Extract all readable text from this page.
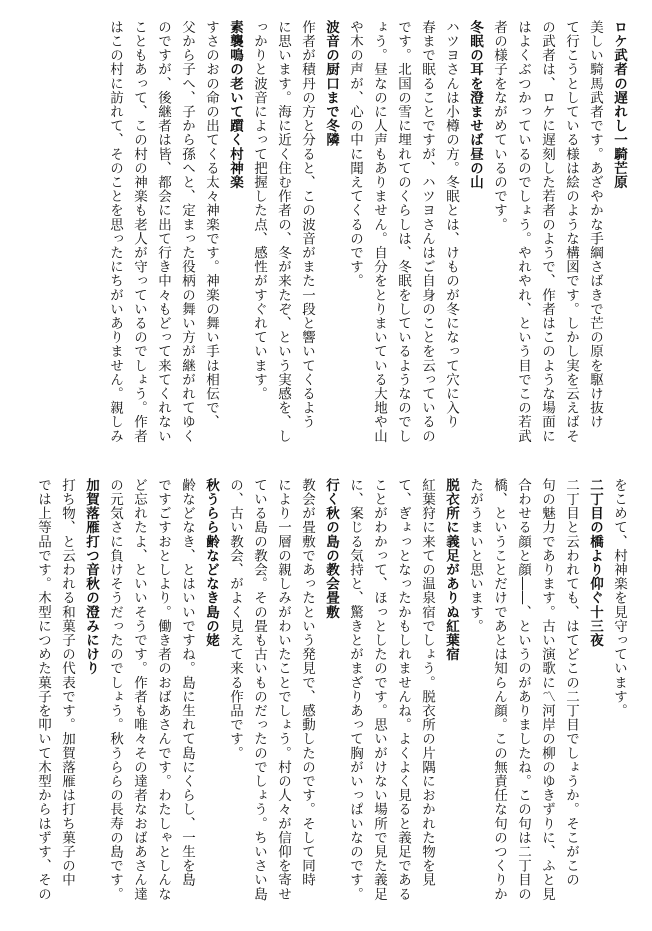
ロケ武者の遅れし一騎芒原
美しい騎馬武者です。あざやかな手綱さばきで芒の原を駆け抜け
て行こうとしている様は絵のような構図です。しかし実を云えばそ
の武者は、ロケに遅刻した若者のようで、作者はこのような場面に
はよくぶつかっているのでしょう。やれやれ、という目でこの若武
者の様子をながめているのです。
冬眠の耳を澄ませば昼の山
ハツヨさんは小樽の方。冬眠とは、けものが冬になって穴に入り
春まで眠ることですが、ハツヨさんはご自身のことを云っているの
です。北国の雪に埋れてのくらしは、冬眠をしているようなのでし
ょう。昼なのに人声もありません。自分をとりまいている大地や山
や木の声が、心の中に聞えてくるのです。
波音の厨口まで冬隣
作者が積丹の方と分ると、この波音がまた一段と響いてくるよう
に思います。海に近く住む作者の、冬が来たぞ、という実感を、し
っかりと波音によって把握した点、感性がすぐれています。
素襲鳴の老いて躓く村神楽
すさのおの命の出てくる太々神楽です。神楽の舞い手は相伝で、
父から子へ、子から孫へと、定まった役柄の舞い方が継がれてゆく
のですが、後継者は皆、都会に出て行き中々もどって来てくれない
こともあって、この村の神楽も老人が守っているのでしょう。作者
はこの村に訪れて、そのことを思ったにちがいありません。親しみ
をこめて、村神楽を見守っています。
二丁目の橋より仰ぐ十三夜
二丁目と云われても、はてどこの二丁目でしょうか。そこがこの
句の魅力であります。古い演歌に〽河岸の柳のゆきずりに、ふと見
合わせる顔と顔――、というのがありましたね。この句は二丁目の
橋、ということだけであとは知らん顔。この無責任な句のつくりか
たがうまいと思います。
脱衣所に義足がありぬ紅葉宿
紅葉狩に来ての温泉宿でしょう。脱衣所の片隅におかれた物を見
て、ぎょっとなったかもしれませんね。よくよく見ると義足である
ことがわかって、ほっとしたのです。思いがけない場所で見た義足
に、案じる気持と、驚きとがまざりあって胸がいっぱいなのです。
行く秋の島の教会畳敷
教会が畳敷であったという発見で、感動したのです。そして同時
により一層の親しみがわいたことでしょう。村の人々が信仰を寄せ
ている島の教会。その畳も古いものだったのでしょう。ちいさい島
の、古い教会、がよく見えて来る作品です。
秋うらら齢などなき島の姥
齢などなき、とはいいですね。島に生れて島にくらし、一生を島
ですごすおとしより。働き者のおばあさんです。わたしゃとしんな
ど忘れたよ、といいそうです。作者も唯々その達者なおばあさん達
の元気さに負けそうだったのでしょう。秋うららの長寿の島です。
加賀落雁打つ音秋の澄みにけり
打ち物、と云われる和菓子の代表です。加賀落雁は打ち菓子の中
では上等品です。木型につめた菓子を叩いて木型からはずす、その
